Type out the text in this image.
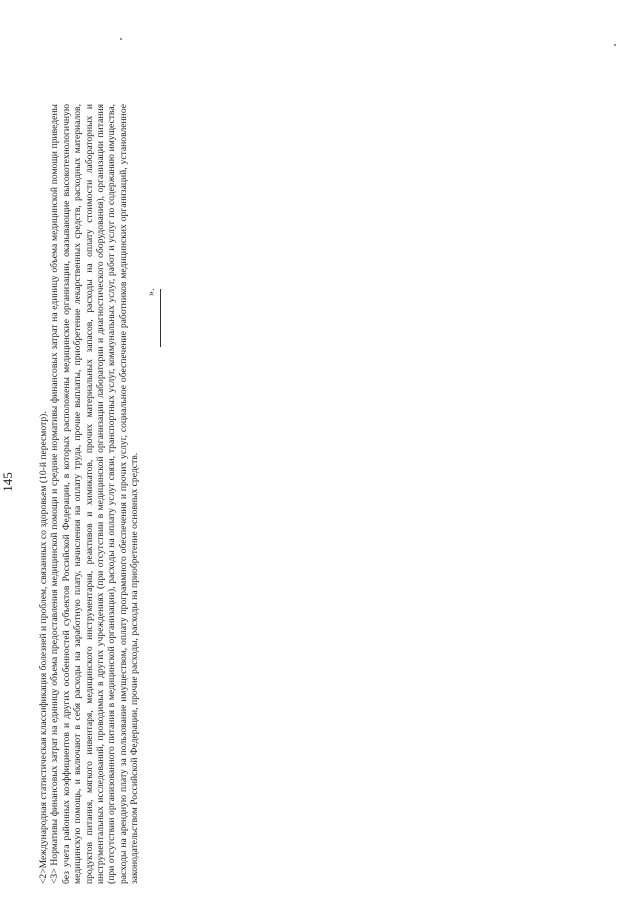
145 <2>Международная статистическая классификация болезней и проблем, связанных со здоровьем (10-й пересмотр). <3> Нормативы финансовых затрат на единицу объема предоставления медицинской помощи и средние нормативы финансовых затрат на единицу объема медицинской помощи приведены без учета районных коэффициентов и других особенностей субъектов Российской Федерации, в которых расположены медицинские организации, оказывающие высокотехнологичную медицинскую помощь, и включают в себя расходы на заработную плату, начисления на оплату труда, прочие выплаты, приобретение лекарственных средств, расходных материалов, продуктов питания, мягкого инвентаря, медицинского инструментария, реактивов и химикатов, прочих материальных запасов, расходы на оплату стоимости лабораторных и инструментальных исследований, проводимых в других учреждениях (при отсутствии в медицинской организации лаборатории и диагностического оборудования), организации питания (при отсутствии организованного питания в медицинской организации), расходы на оплату услуг связи, транспортных услуг, коммунальных услуг, работ и услуг по содержанию имущества, расходы на арендную плату за пользование имуществом, оплату программного обеспечения и прочих услуг, социальное обеспечение работников медицинских организаций, установленное законодательством Российской Федерации, прочие расходы, расходы на приобретение основных средств.

».
